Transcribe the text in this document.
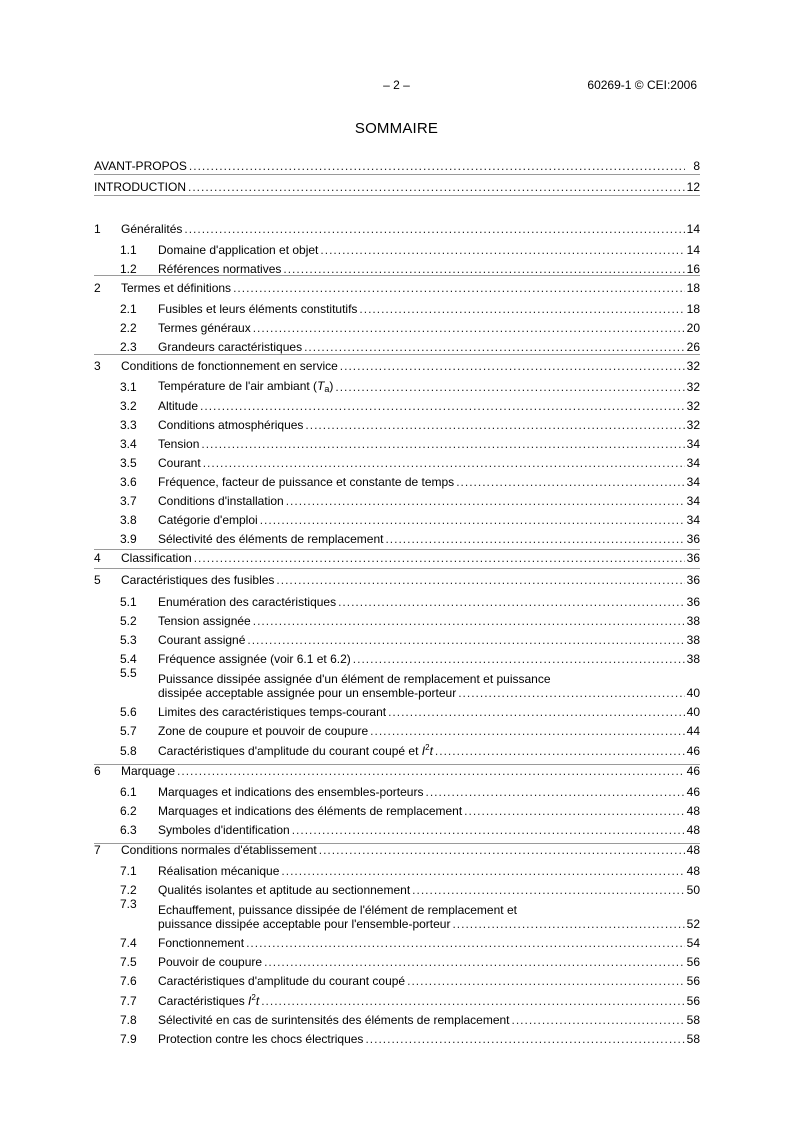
– 2 –	60269-1 © CEI:2006
SOMMAIRE
AVANT-PROPOS .....	8
INTRODUCTION .....	12
1	Généralités .....	14
1.1	Domaine d'application et objet .....	14
1.2	Références normatives .....	16
2	Termes et définitions .....	18
2.1	Fusibles et leurs éléments constitutifs .....	18
2.2	Termes généraux .....	20
2.3	Grandeurs caractéristiques .....	26
3	Conditions de fonctionnement en service .....	32
3.1	Température de l'air ambiant $(T_a)$ .....	32
3.2	Altitude .....	32
3.3	Conditions atmosphériques .....	32
3.4	Tension .....	34
3.5	Courant .....	34
3.6	Fréquence, facteur de puissance et constante de temps .....	34
3.7	Conditions d'installation .....	34
3.8	Catégorie d'emploi .....	34
3.9	Sélectivité des éléments de remplacement .....	36
4	Classification .....	36
5	Caractéristiques des fusibles .....	36
5.1	Enumération des caractéristiques .....	36
5.2	Tension assignée .....	38
5.3	Courant assigné .....	38
5.4	Fréquence assignée (voir 6.1 et 6.2) .....	38
5.5	Puissance dissipée assignée d'un élément de remplacement et puissance
dissipée acceptable assignée pour un ensemble-porteur .....	40
5.6	Limites des caractéristiques temps-courant .....	40
5.7	Zone de coupure et pouvoir de coupure .....	44
5.8	Caractéristiques d'amplitude du courant coupé et $I^2t$ .....	46
6	Marquage .....	46
6.1	Marquages et indications des ensembles-porteurs .....	46
6.2	Marquages et indications des éléments de remplacement .....	48
6.3	Symboles d'identification .....	48
7	Conditions normales d'établissement .....	48
7.1	Réalisation mécanique .....	48
7.2	Qualités isolantes et aptitude au sectionnement .....	50
7.3	Echauffement, puissance dissipée de l'élément de remplacement et
puissance dissipée acceptable pour l'ensemble-porteur .....	52
7.4	Fonctionnement .....	54
7.5	Pouvoir de coupure .....	56
7.6	Caractéristiques d'amplitude du courant coupé .....	56
7.7	Caractéristiques $I^2t$ .....	56
7.8	Sélectivité en cas de surintensités des éléments de remplacement .....	58
7.9	Protection contre les chocs électriques .....	58
